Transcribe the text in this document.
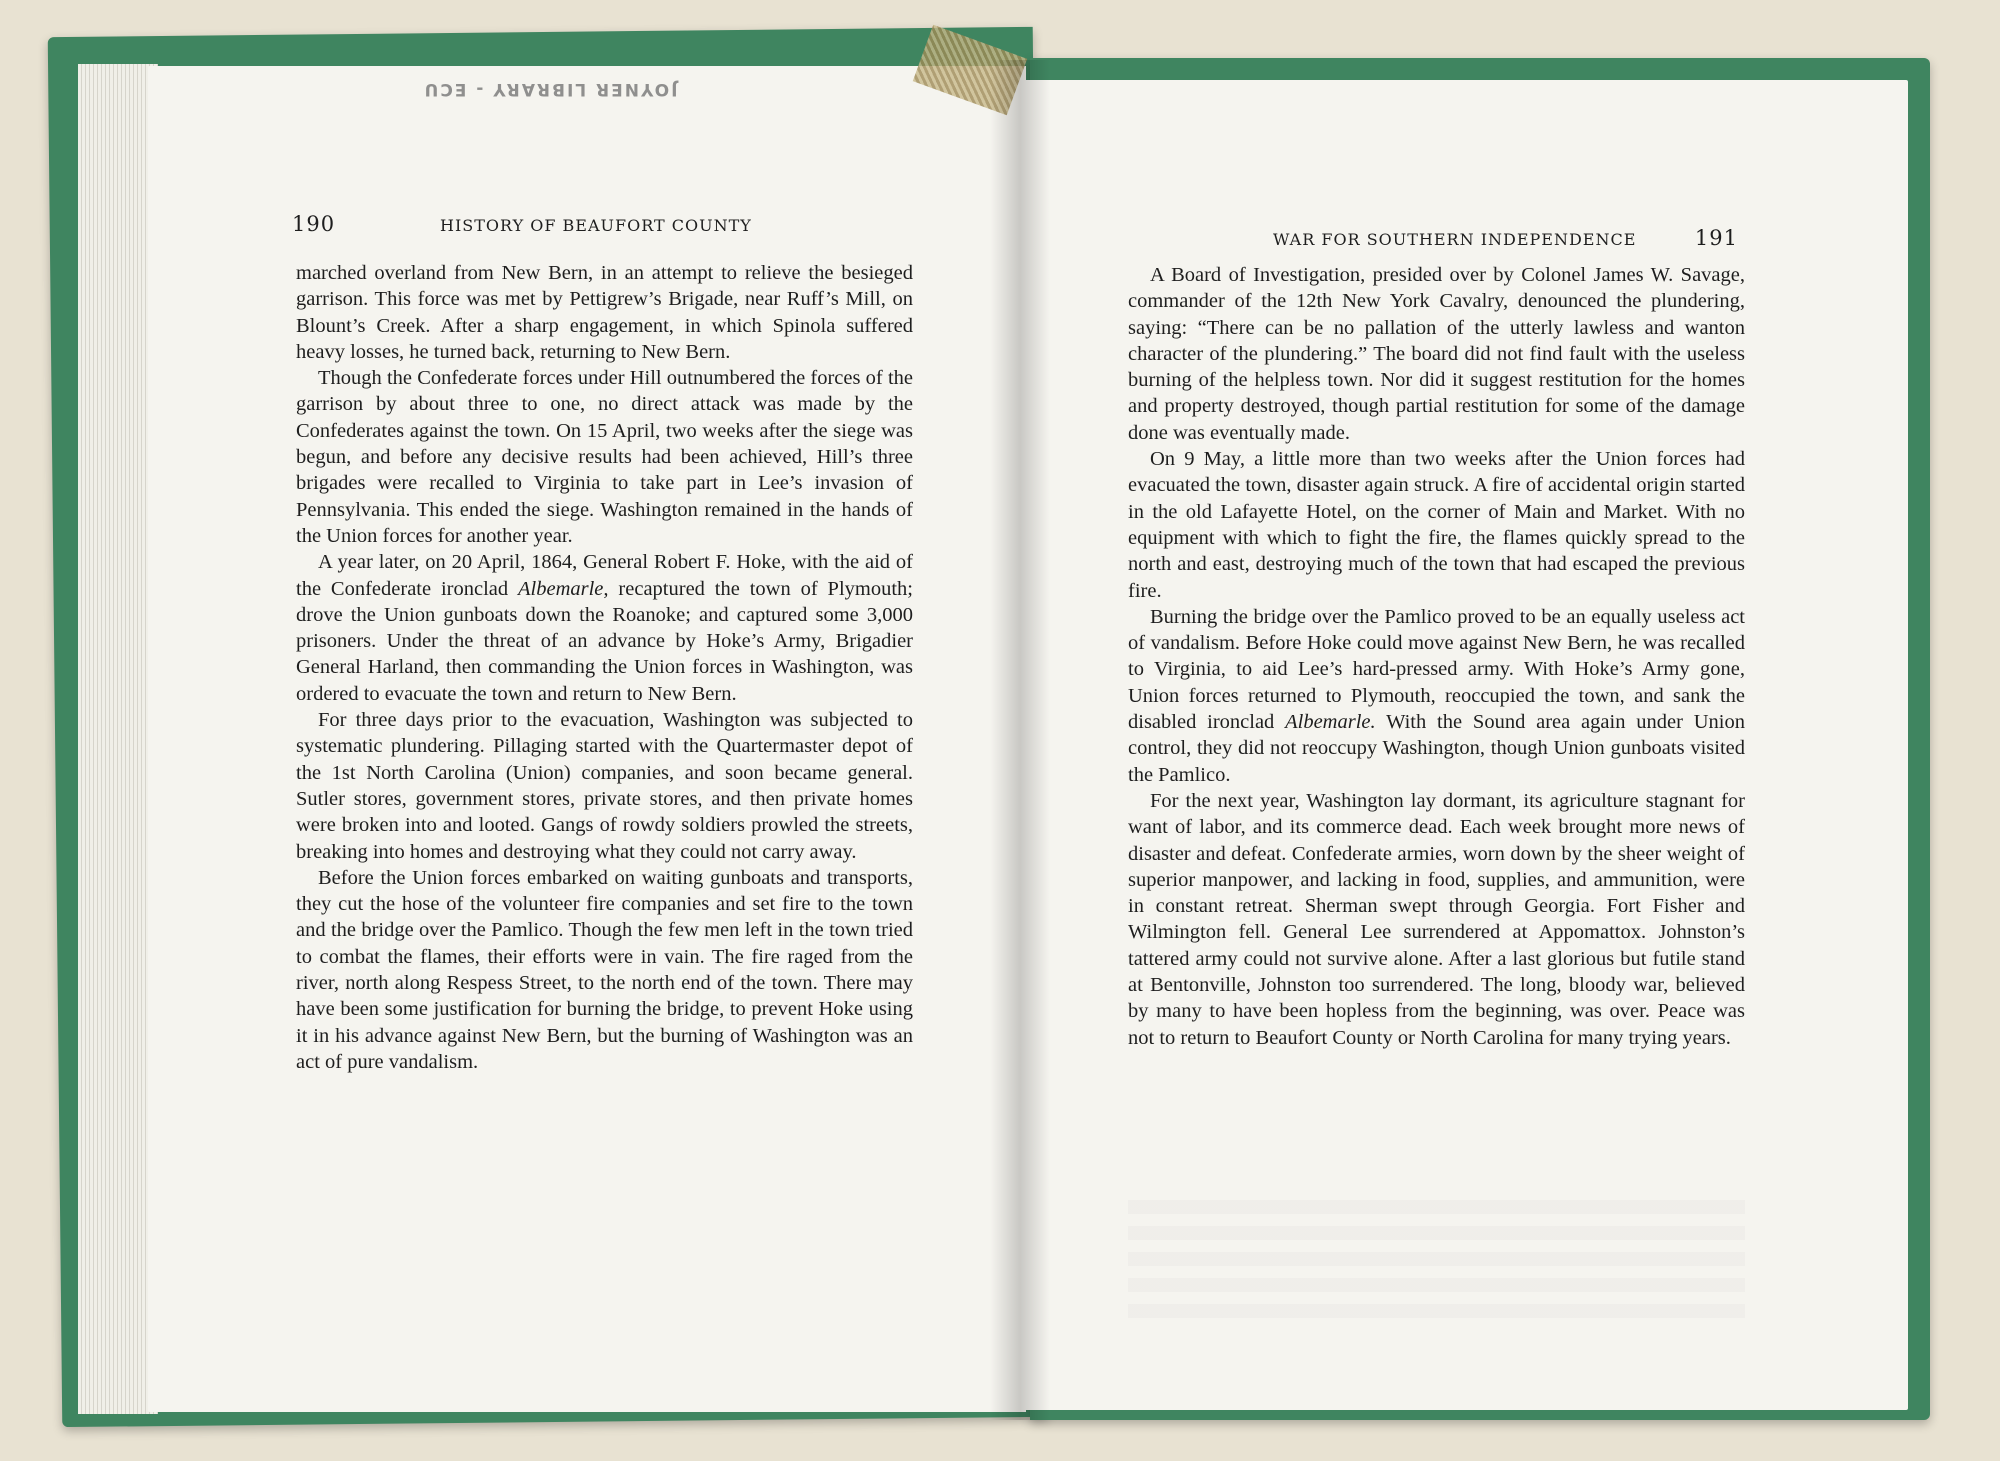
JOYNER LIBRARY - ECU
190	HISTORY OF BEAUFORT COUNTY

marched overland from New Bern, in an attempt to relieve the besieged garrison. This force was met by Pettigrew’s Brigade, near Ruff’s Mill, on Blount’s Creek. After a sharp engagement, in which Spinola suffered heavy losses, he turned back, returning to New Bern.

Though the Confederate forces under Hill outnumbered the forces of the garrison by about three to one, no direct attack was made by the Confederates against the town. On 15 April, two weeks after the siege was begun, and before any decisive results had been achieved, Hill’s three brigades were recalled to Virginia to take part in Lee’s invasion of Pennsylvania. This ended the siege. Washington remained in the hands of the Union forces for another year.

A year later, on 20 April, 1864, General Robert F. Hoke, with the aid of the Confederate ironclad Albemarle, recaptured the town of Plymouth; drove the Union gunboats down the Roanoke; and captured some 3,000 prisoners. Under the threat of an advance by Hoke’s Army, Brigadier General Harland, then commanding the Union forces in Washington, was ordered to evacuate the town and return to New Bern.

For three days prior to the evacuation, Washington was subjected to systematic plundering. Pillaging started with the Quartermaster depot of the 1st North Carolina (Union) companies, and soon became general. Sutler stores, government stores, private stores, and then private homes were broken into and looted. Gangs of rowdy soldiers prowled the streets, breaking into homes and destroying what they could not carry away.

Before the Union forces embarked on waiting gunboats and transports, they cut the hose of the volunteer fire companies and set fire to the town and the bridge over the Pamlico. Though the few men left in the town tried to combat the flames, their efforts were in vain. The fire raged from the river, north along Respess Street, to the north end of the town. There may have been some justification for burning the bridge, to prevent Hoke using it in his advance against New Bern, but the burning of Washington was an act of pure vandalism.

WAR FOR SOUTHERN INDEPENDENCE	191

A Board of Investigation, presided over by Colonel James W. Savage, commander of the 12th New York Cavalry, denounced the plundering, saying: “There can be no pallation of the utterly lawless and wanton character of the plundering.” The board did not find fault with the useless burning of the helpless town. Nor did it suggest restitution for the homes and property destroyed, though partial restitution for some of the damage done was eventually made.

On 9 May, a little more than two weeks after the Union forces had evacuated the town, disaster again struck. A fire of accidental origin started in the old Lafayette Hotel, on the corner of Main and Market. With no equipment with which to fight the fire, the flames quickly spread to the north and east, destroying much of the town that had escaped the previous fire.

Burning the bridge over the Pamlico proved to be an equally useless act of vandalism. Before Hoke could move against New Bern, he was recalled to Virginia, to aid Lee’s hard-pressed army. With Hoke’s Army gone, Union forces returned to Plymouth, reoccupied the town, and sank the disabled ironclad Albemarle. With the Sound area again under Union control, they did not reoccupy Washington, though Union gunboats visited the Pamlico.

For the next year, Washington lay dormant, its agriculture stagnant for want of labor, and its commerce dead. Each week brought more news of disaster and defeat. Confederate armies, worn down by the sheer weight of superior manpower, and lacking in food, supplies, and ammunition, were in constant retreat. Sherman swept through Georgia. Fort Fisher and Wilmington fell. General Lee surrendered at Appomattox. Johnston’s tattered army could not survive alone. After a last glorious but futile stand at Bentonville, Johnston too surrendered. The long, bloody war, believed by many to have been hopless from the beginning, was over. Peace was not to return to Beaufort County or North Carolina for many trying years.
